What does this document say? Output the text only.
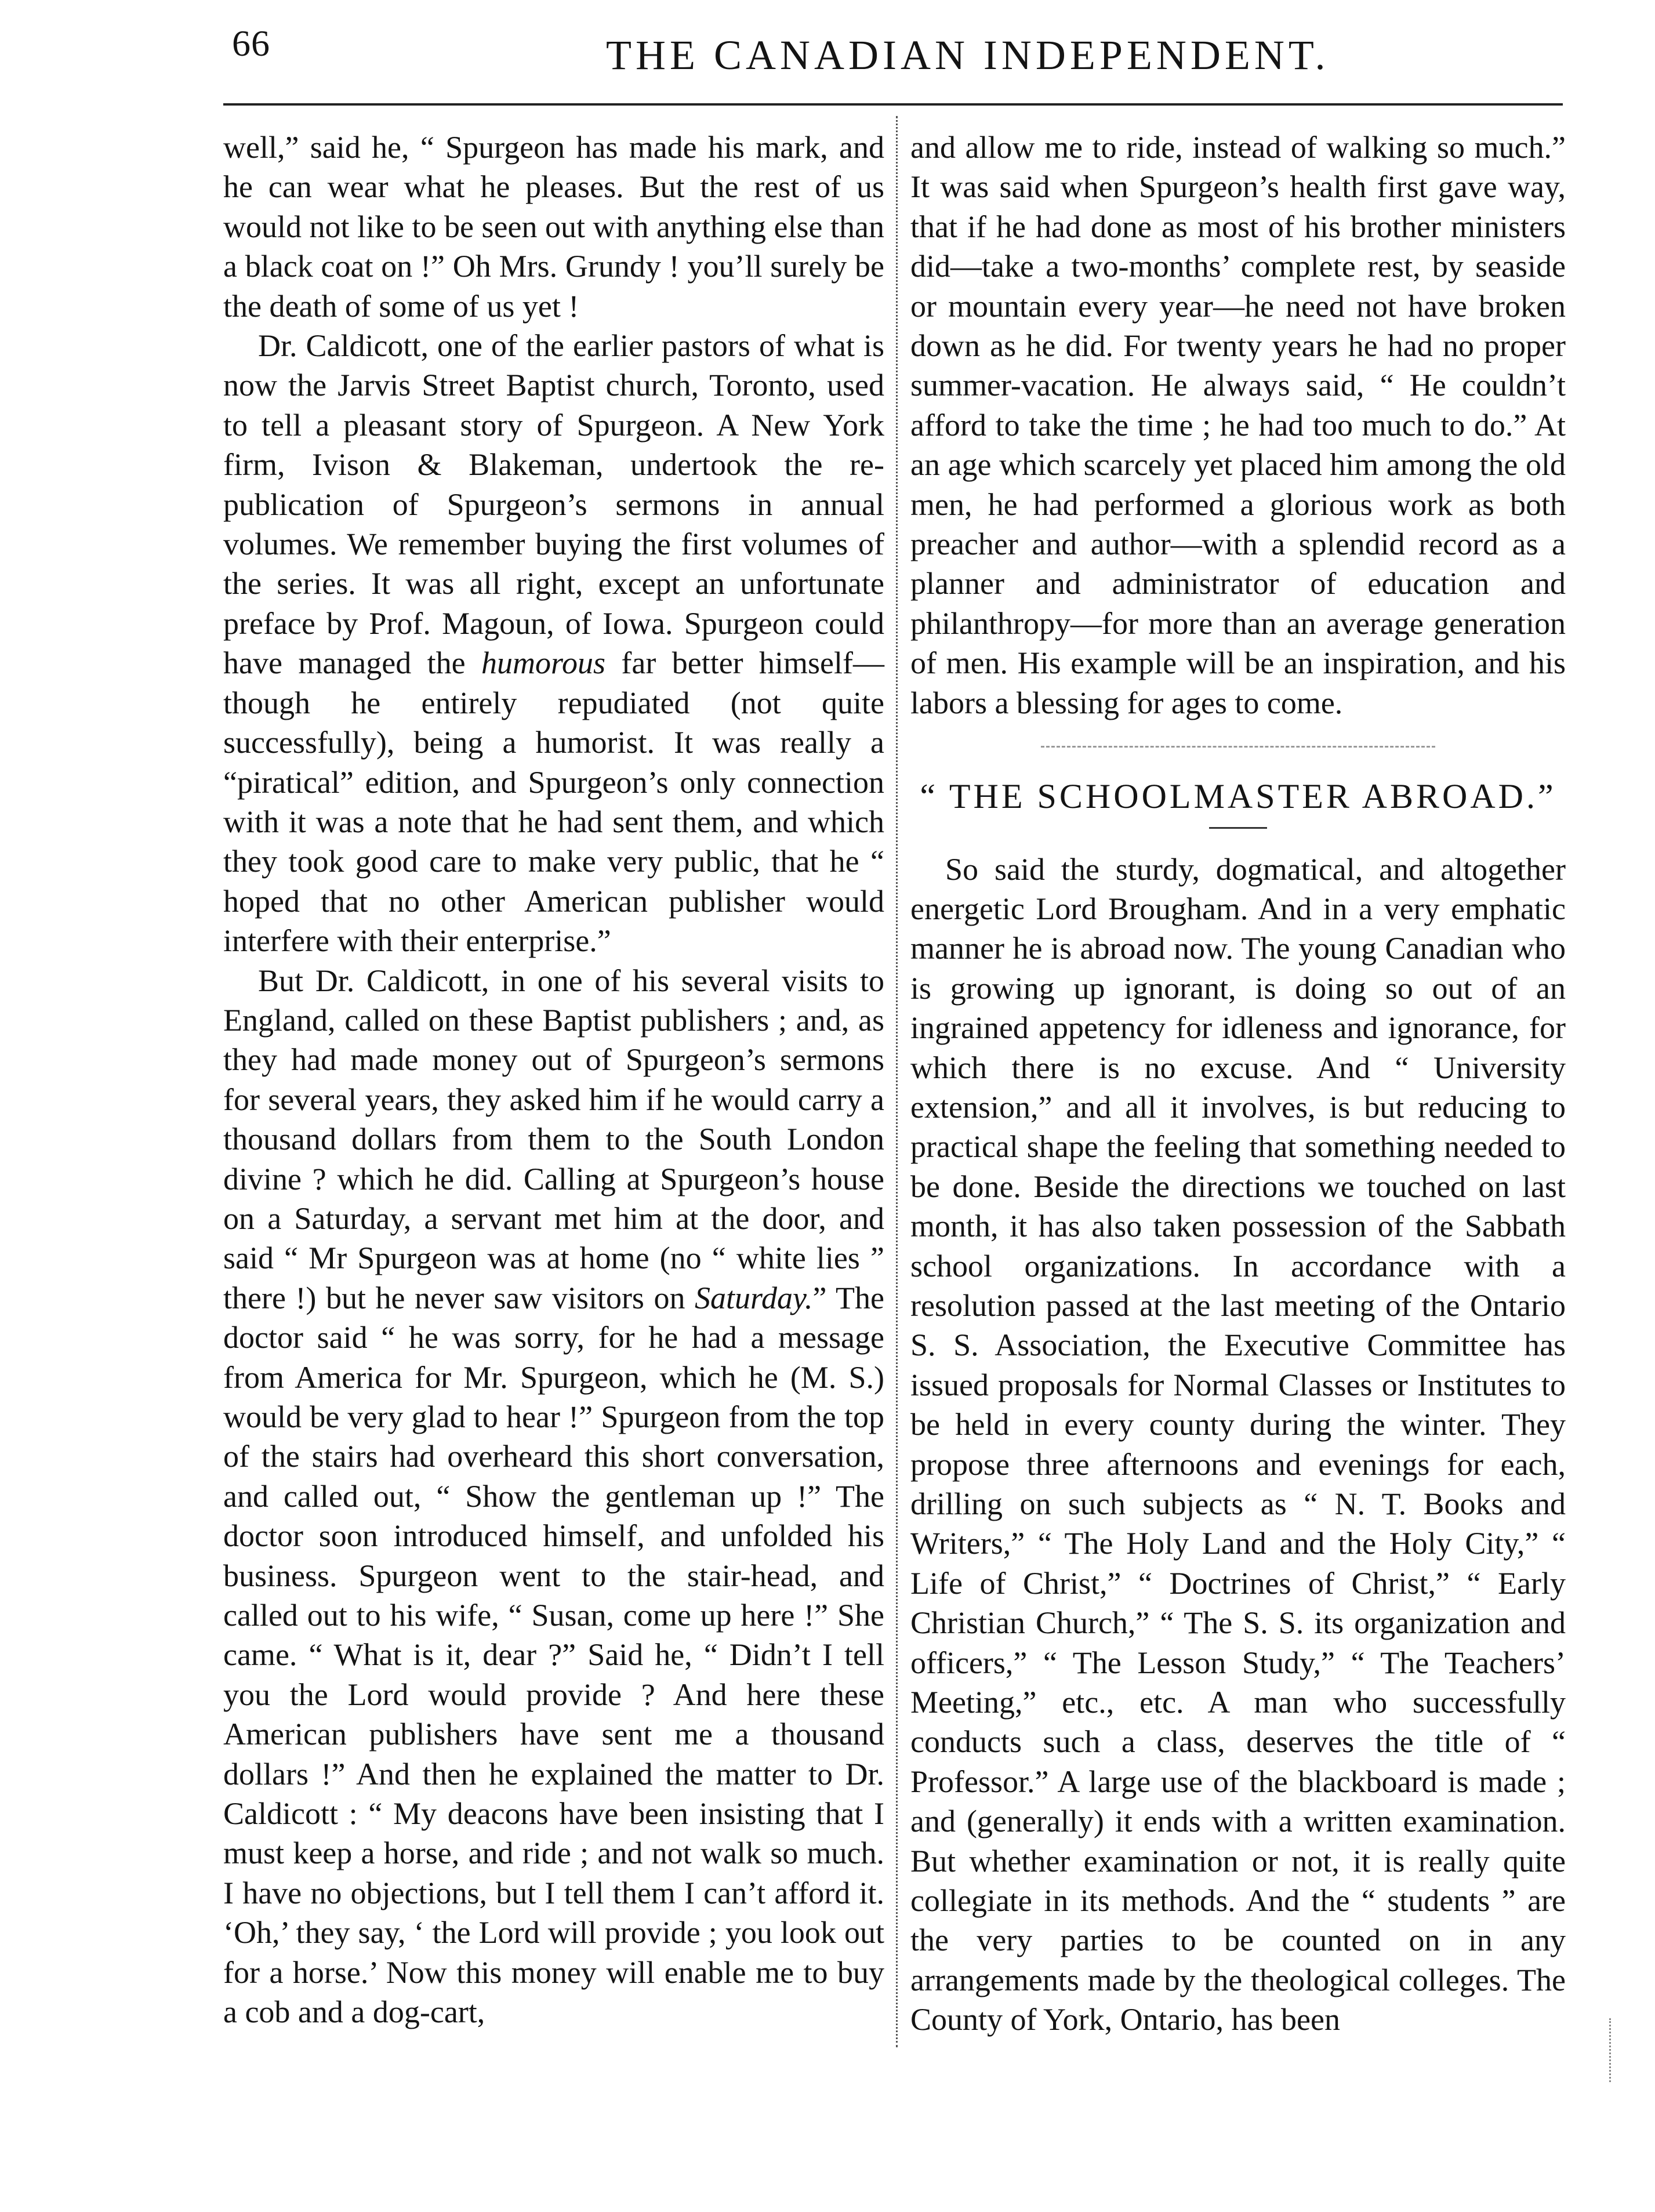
66	THE CANADIAN INDEPENDENT.

well,” said he, “ Spurgeon has made his mark, and he can wear what he pleases. But the rest of us would not like to be seen out with anything else than a black coat on !” Oh Mrs. Grundy ! you’ll surely be the death of some of us yet !

Dr. Caldicott, one of the earlier pastors of what is now the Jarvis Street Baptist church, Toronto, used to tell a pleasant story of Spurgeon. A New York firm, Ivison & Blakeman, undertook the re-publication of Spurgeon’s sermons in annual volumes. We remember buying the first volumes of the series. It was all right, except an unfortunate preface by Prof. Magoun, of Iowa. Spurgeon could have managed the humorous far better himself—though he entirely repudiated (not quite successfully), being a humorist. It was really a “piratical” edition, and Spurgeon’s only connection with it was a note that he had sent them, and which they took good care to make very public, that he “ hoped that no other American publisher would interfere with their enterprise.”

But Dr. Caldicott, in one of his several visits to England, called on these Baptist publishers ; and, as they had made money out of Spurgeon’s sermons for several years, they asked him if he would carry a thousand dollars from them to the South London divine ? which he did. Calling at Spurgeon’s house on a Saturday, a servant met him at the door, and said “ Mr Spurgeon was at home (no “ white lies ” there !) but he never saw visitors on Saturday.” The doctor said “ he was sorry, for he had a message from America for Mr. Spurgeon, which he (M. S.) would be very glad to hear !” Spurgeon from the top of the stairs had overheard this short conversation, and called out, “ Show the gentleman up !” The doctor soon introduced himself, and unfolded his business. Spurgeon went to the stair-head, and called out to his wife, “ Susan, come up here !” She came. “ What is it, dear ?” Said he, “ Didn’t I tell you the Lord would provide ? And here these American publishers have sent me a thousand dollars !” And then he explained the matter to Dr. Caldicott : “ My deacons have been insisting that I must keep a horse, and ride ; and not walk so much. I have no objections, but I tell them I can’t afford it. ‘Oh,’ they say, ‘ the Lord will provide ; you look out for a horse.’ Now this money will enable me to buy a cob and a dog-cart,

and allow me to ride, instead of walking so much.” It was said when Spurgeon’s health first gave way, that if he had done as most of his brother ministers did—take a two-months’ complete rest, by seaside or mountain every year—he need not have broken down as he did. For twenty years he had no proper summer-vacation. He always said, “ He couldn’t afford to take the time ; he had too much to do.” At an age which scarcely yet placed him among the old men, he had performed a glorious work as both preacher and author—with a splendid record as a planner and administrator of education and philanthropy—for more than an average generation of men. His example will be an inspiration, and his labors a blessing for ages to come.

“ THE SCHOOLMASTER ABROAD.”

So said the sturdy, dogmatical, and altogether energetic Lord Brougham. And in a very emphatic manner he is abroad now. The young Canadian who is growing up ignorant, is doing so out of an ingrained appetency for idleness and ignorance, for which there is no excuse. And “ University extension,” and all it involves, is but reducing to practical shape the feeling that something needed to be done. Beside the directions we touched on last month, it has also taken possession of the Sabbath school organizations. In accordance with a resolution passed at the last meeting of the Ontario S. S. Association, the Executive Committee has issued proposals for Normal Classes or Institutes to be held in every county during the winter. They propose three afternoons and evenings for each, drilling on such subjects as “ N. T. Books and Writers,” “ The Holy Land and the Holy City,” “ Life of Christ,” “ Doctrines of Christ,” “ Early Christian Church,” “ The S. S. its organization and officers,” “ The Lesson Study,” “ The Teachers’ Meeting,” etc., etc. A man who successfully conducts such a class, deserves the title of “ Professor.” A large use of the blackboard is made ; and (generally) it ends with a written examination. But whether examination or not, it is really quite collegiate in its methods. And the “ students ” are the very parties to be counted on in any arrangements made by the theological colleges. The County of York, Ontario, has been
